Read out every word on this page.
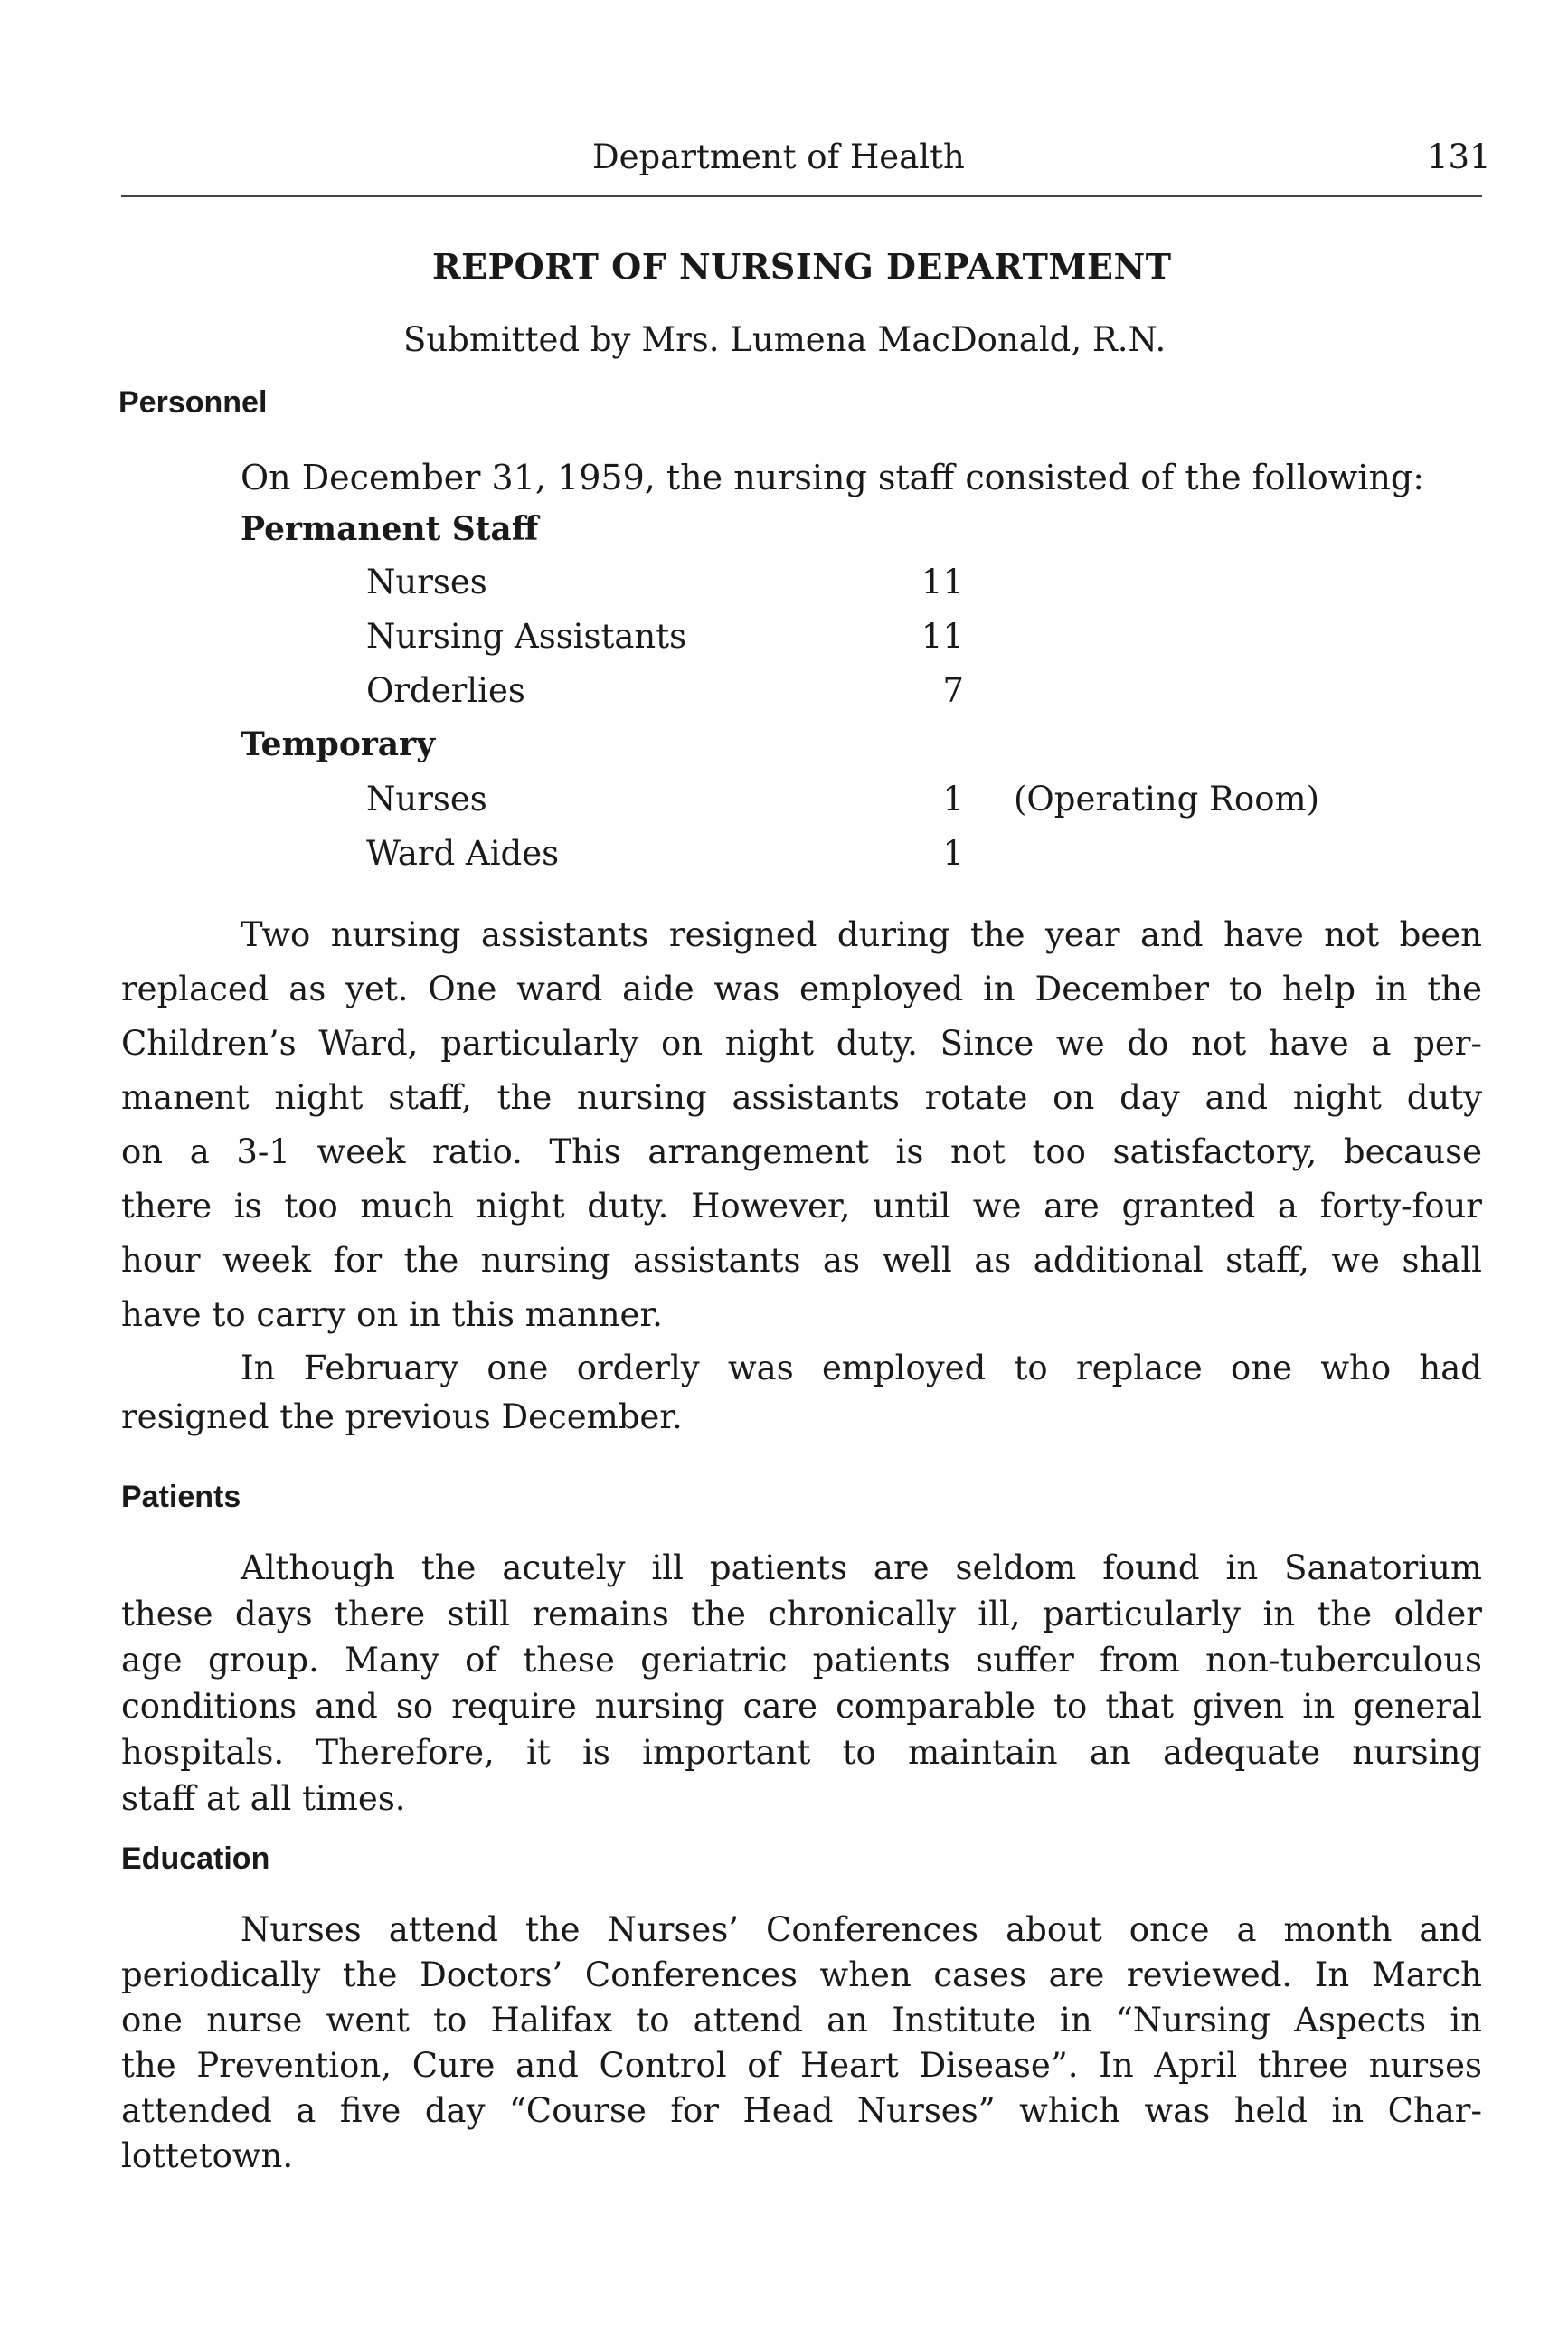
Department of Health	131
REPORT OF NURSING DEPARTMENT
Submitted by Mrs. Lumena MacDonald, R.N.
Personnel
On December 31, 1959, the nursing staff consisted of the following:
Permanent Staff
Nurses	11
Nursing Assistants	11
Orderlies	7
Temporary
Nurses	1 (Operating Room)
Ward Aides	1
Two nursing assistants resigned during the year and have not been
replaced as yet. One ward aide was employed in December to help in the
Children’s Ward, particularly on night duty. Since we do not have a per-
manent night staff, the nursing assistants rotate on day and night duty
on a 3-1 week ratio. This arrangement is not too satisfactory, because
there is too much night duty. However, until we are granted a forty-four
hour week for the nursing assistants as well as additional staff, we shall
have to carry on in this manner.
In February one orderly was employed to replace one who had
resigned the previous December.
Patients
Although the acutely ill patients are seldom found in Sanatorium
these days there still remains the chronically ill, particularly in the older
age group. Many of these geriatric patients suffer from non-tuberculous
conditions and so require nursing care comparable to that given in general
hospitals. Therefore, it is important to maintain an adequate nursing
staff at all times.
Education
Nurses attend the Nurses’ Conferences about once a month and
periodically the Doctors’ Conferences when cases are reviewed. In March
one nurse went to Halifax to attend an Institute in “Nursing Aspects in
the Prevention, Cure and Control of Heart Disease”. In April three nurses
attended a five day “Course for Head Nurses” which was held in Char-
lottetown.
